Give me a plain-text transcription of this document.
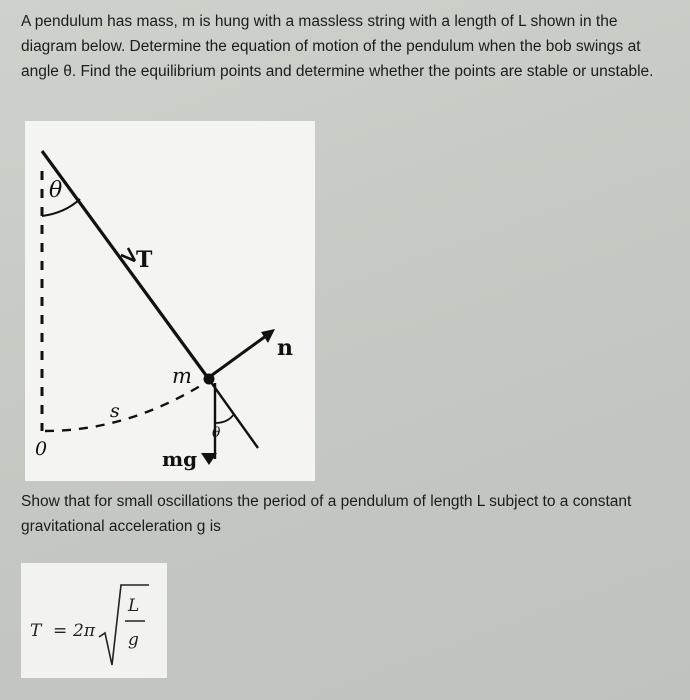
A pendulum has mass, m is hung with a massless string with a length of L shown in the diagram below. Determine the equation of motion of the pendulum when the bob swings at angle θ. Find the equilibrium points and determine whether the points are stable or unstable.

θ
T
n
m
s
0	mg
θ

Show that for small oscillations the period of a pendulum of length L subject to a constant gravitational acceleration g is

T = 2π
L
g
